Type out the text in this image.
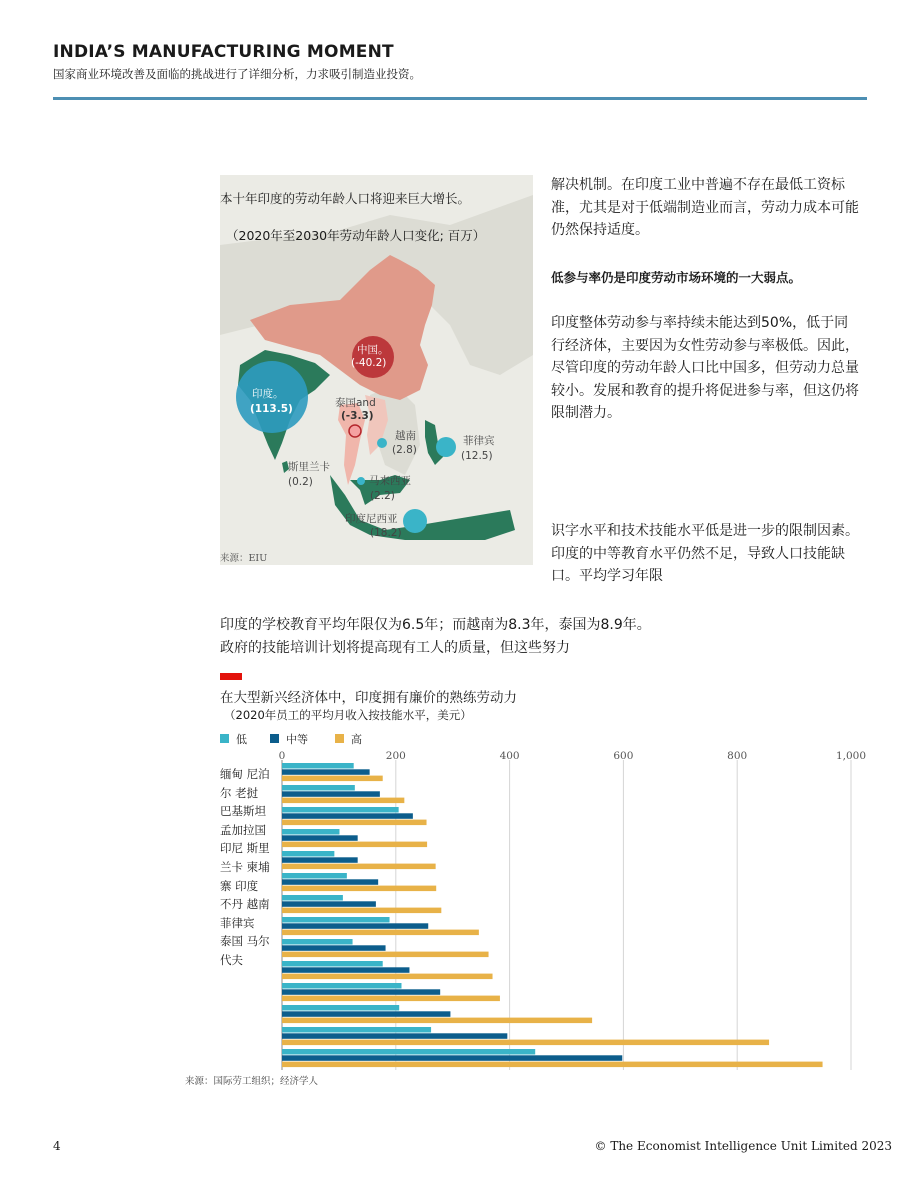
INDIA’S MANUFACTURING MOMENT
国家商业环境改善及面临的挑战进行了详细分析，力求吸引制造业投资。
中国。
(-40.2)
印度。
(113.5)	泰国and
(-3.3)
越南
(2.8)
菲律宾
(12.5)
斯里兰卡
(0.2)	马来西亚
(2.2)
印度尼西亚
(18.2)
本十年印度的劳动年龄人口将迎来巨大增长。
（2020年至2030年劳动年龄人口变化; 百万）
来源：EIU
解决机制。在印度工业中普遍不存在最低工资标准，尤其是对于低端制造业而言，劳动力成本可能仍然保持适度。
低参与率仍是印度劳动市场环境的一大弱点。
印度整体劳动参与率持续未能达到50%，低于同行经济体，主要因为女性劳动参与率极低。因此，尽管印度的劳动年龄人口比中国多，但劳动力总量较小。发展和教育的提升将促进参与率，但这仍将限制潜力。
识字水平和技术技能水平低是进一步的限制因素。印度的中等教育水平仍然不足，导致人口技能缺口。平均学习年限
印度的学校教育平均年限仅为6.5年；而越南为8.3年，泰国为8.9年。
政府的技能培训计划将提高现有工人的质量，但这些努力
在大型新兴经济体中，印度拥有廉价的熟练劳动力
（2020年员工的平均月收入按技能水平，美元）
低	中等	高
0	200	400	600	800	1,000
缅甸 尼泊
尔 老挝
巴基斯坦
孟加拉国
印尼 斯里
兰卡 柬埔
寨 印度
不丹 越南
菲律宾
泰国 马尔
代夫
来源：国际劳工组织；经济学人
4	© The Economist Intelligence Unit Limited 2023
